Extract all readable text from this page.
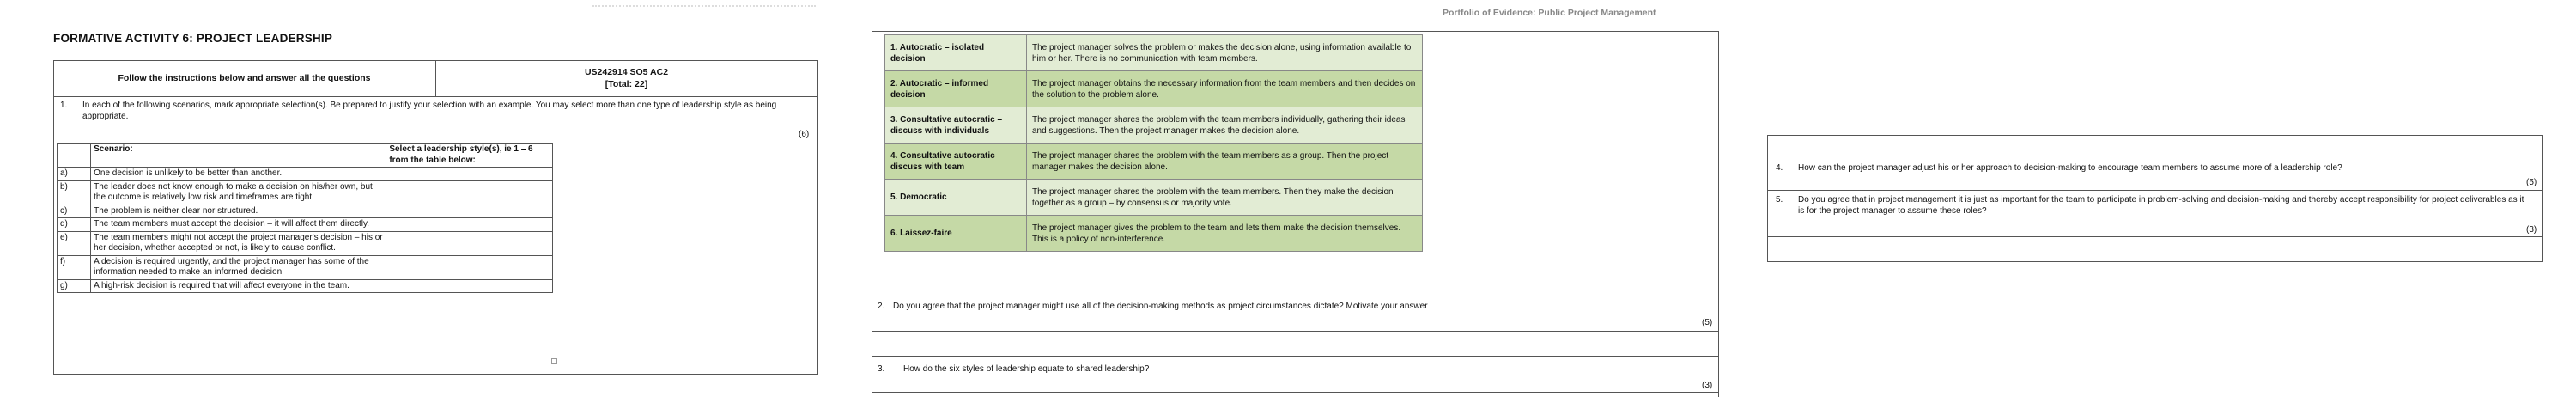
FORMATIVE ACTIVITY 6: PROJECT LEADERSHIP
Follow the instructions below and answer all the questions
US242914 SO5 AC2
[Total: 22]
1. In each of the following scenarios, mark appropriate selection(s). Be prepared to justify your selection with an example. You may select more than one type of leadership style as being appropriate.
(6)
	Scenario:	Select a leadership style(s), ie 1 – 6 from the table below:
a)	One decision is unlikely to be better than another.	
b)	The leader does not know enough to make a decision on his/her own, but the outcome is relatively low risk and timeframes are tight.	
c)	The problem is neither clear nor structured.	
d)	The team members must accept the decision – it will affect them directly.	
e)	The team members might not accept the project manager's decision – his or her decision, whether accepted or not, is likely to cause conflict.	
f)	A decision is required urgently, and the project manager has some of the information needed to make an informed decision.	
g)	A high-risk decision is required that will affect everyone in the team.	
Portfolio of Evidence: Public Project Management
1. Autocratic – isolated decision	The project manager solves the problem or makes the decision alone, using information available to him or her. There is no communication with team members.
2. Autocratic – informed decision	The project manager obtains the necessary information from the team members and then decides on the solution to the problem alone.
3. Consultative autocratic – discuss with individuals	The project manager shares the problem with the team members individually, gathering their ideas and suggestions. Then the project manager makes the decision alone.
4. Consultative autocratic – discuss with team	The project manager shares the problem with the team members as a group. Then the project manager makes the decision alone.
5. Democratic	The project manager shares the problem with the team members. Then they make the decision together as a group – by consensus or majority vote.
6. Laissez-faire	The project manager gives the problem to the team and lets them make the decision themselves. This is a policy of non-interference.
2. Do you agree that the project manager might use all of the decision-making methods as project circumstances dictate? Motivate your answer
(5)
3. How do the six styles of leadership equate to shared leadership?
(3)
4. How can the project manager adjust his or her approach to decision-making to encourage team members to assume more of a leadership role?
(5)
5. Do you agree that in project management it is just as important for the team to participate in problem-solving and decision-making and thereby accept responsibility for project deliverables as it is for the project manager to assume these roles?
(3)
